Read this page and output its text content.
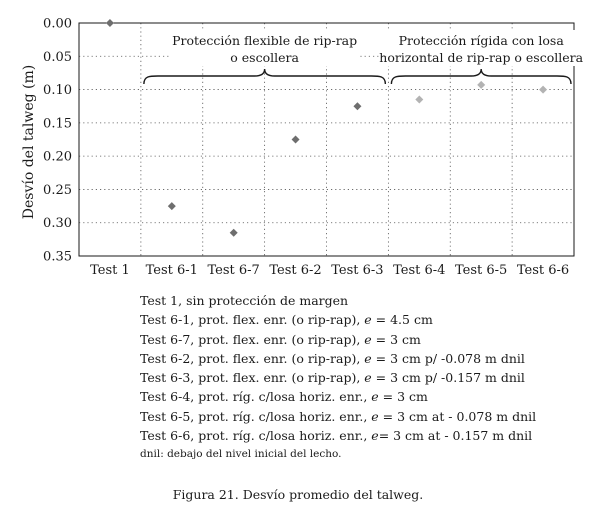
0.00
0.05
0.10
0.15
0.20
0.25
0.30
0.35
Test 1 Test 6-1 Test 6-7 Test 6-2 Test 6-3 Test 6-4 Test 6-5 Test 6-6
Desvío del talweg (m)
Protección flexible de rip-rap
o escollera
Protección rígida con losa
horizontal de rip-rap o escollera
Test 1, sin protección de margen
Test 6-1, prot. flex. enr. (o rip-rap), e = 4.5 cm
Test 6-7, prot. flex. enr. (o rip-rap), e = 3 cm
Test 6-2, prot. flex. enr. (o rip-rap), e = 3 cm p/ -0.078 m dnil
Test 6-3, prot. flex. enr. (o rip-rap), e = 3 cm p/ -0.157 m dnil
Test 6-4, prot. ríg. c/losa horiz. enr., e = 3 cm
Test 6-5, prot. ríg. c/losa horiz. enr., e = 3 cm at - 0.078 m dnil
Test 6-6, prot. ríg. c/losa horiz. enr., e= 3 cm at - 0.157 m dnil
dnil: debajo del nivel inicial del lecho.
Figura 21. Desvío promedio del talweg.
